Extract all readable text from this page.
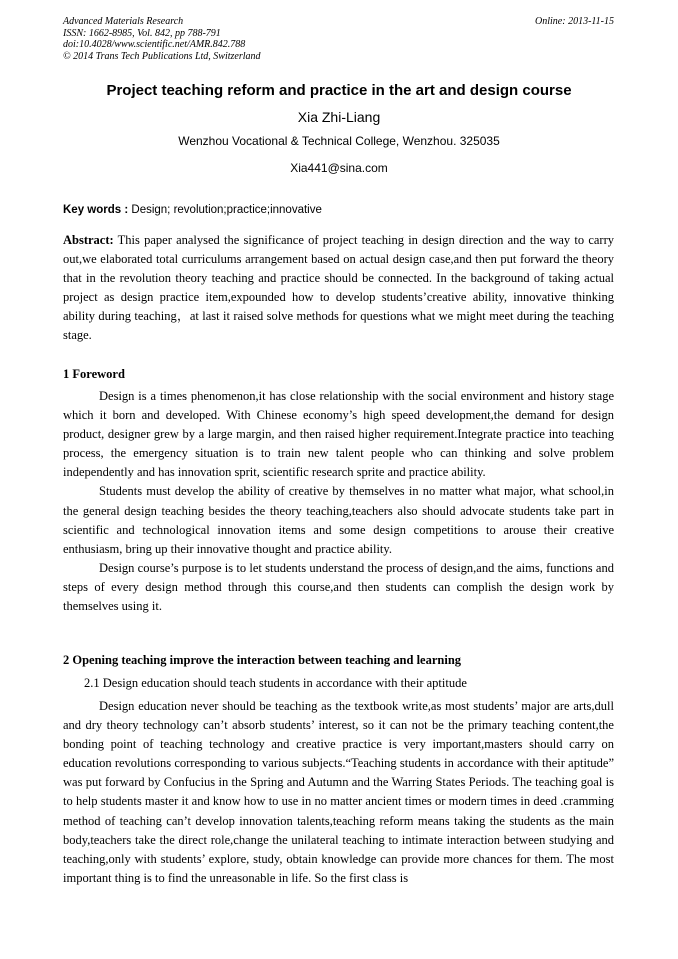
Advanced Materials Research
ISSN: 1662-8985, Vol. 842, pp 788-791
doi:10.4028/www.scientific.net/AMR.842.788
© 2014 Trans Tech Publications Ltd, Switzerland
Online: 2013-11-15
Project teaching reform and practice in the art and design course
Xia Zhi-Liang
Wenzhou Vocational & Technical College, Wenzhou. 325035
Xia441@sina.com
Key words : Design; revolution;practice;innovative
Abstract: This paper analysed the significance of project teaching in design direction and the way to carry out,we elaborated total curriculums arrangement based on actual design case,and then put forward the theory that in the revolution theory teaching and practice should be connected. In the background of taking actual project as design practice item,expounded how to develop students’creative ability, innovative thinking ability during teaching，at last it raised solve methods for questions what we might meet during the teaching stage.
1 Foreword

Design is a times phenomenon,it has close relationship with the social environment and history stage which it born and developed. With Chinese economy’s high speed development,the demand for design product, designer grew by a large margin, and then raised higher requirement.Integrate practice into teaching process, the emergency situation is to train new talent people who can thinking and solve problem independently and has innovation sprit, scientific research sprite and practice ability.

Students must develop the ability of creative by themselves in no matter what major, what school,in the general design teaching besides the theory teaching,teachers also should advocate students take part in scientific and technological innovation items and some design competitions to arouse their creative enthusiasm, bring up their innovative thought and practice ability.

Design course’s purpose is to let students understand the process of design,and the aims, functions and steps of every design method through this course,and then students can complish the design work by themselves using it.

2 Opening teaching improve the interaction between teaching and learning
2.1 Design education should teach students in accordance with their aptitude

Design education never should be teaching as the textbook write,as most students’ major are arts,dull and dry theory technology can’t absorb students’ interest, so it can not be the primary teaching content,the bonding point of teaching technology and creative practice is very important,masters should carry on education revolutions corresponding to various subjects.“Teaching students in accordance with their aptitude” was put forward by Confucius in the Spring and Autumn and the Warring States Periods. The teaching goal is to help students master it and know how to use in no matter ancient times or modern times in deed .cramming method of teaching can’t develop innovation talents,teaching reform means taking the students as the main body,teachers take the direct role,change the unilateral teaching to intimate interaction between studying and teaching,only with students’ explore, study, obtain knowledge can provide more chances for them. The most important thing is to find the unreasonable in life. So the first class is
